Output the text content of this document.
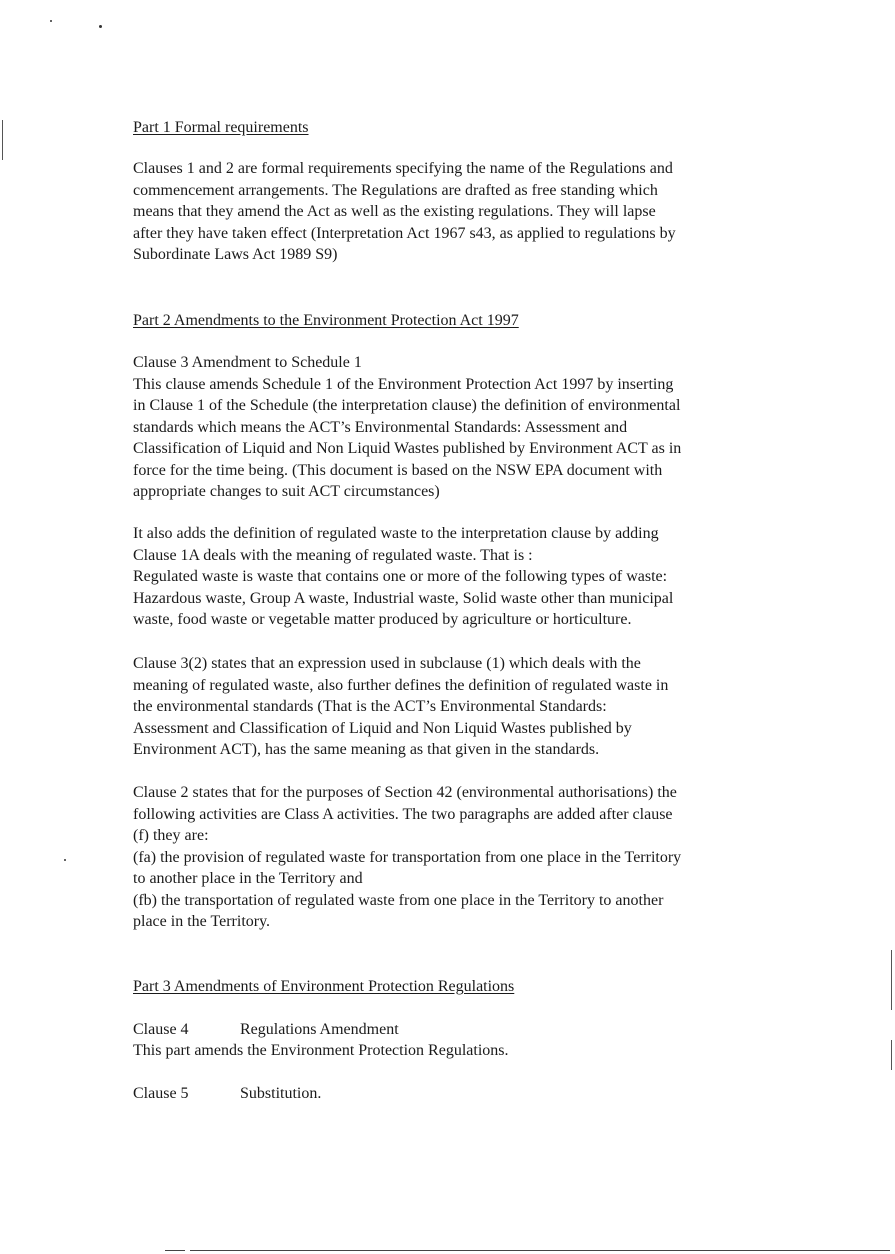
Part 1 Formal requirements
Clauses 1 and 2 are formal requirements specifying the name of the Regulations and
commencement arrangements. The Regulations are drafted as free standing which
means that they amend the Act as well as the existing regulations. They will lapse
after they have taken effect (Interpretation Act 1967 s43, as applied to regulations by
Subordinate Laws Act 1989 S9)
Part 2 Amendments to the Environment Protection Act 1997
Clause 3 Amendment to Schedule 1
This clause amends Schedule 1 of the Environment Protection Act 1997 by inserting
in Clause 1 of the Schedule (the interpretation clause) the definition of environmental
standards which means the ACT’s Environmental Standards: Assessment and
Classification of Liquid and Non Liquid Wastes published by Environment ACT as in
force for the time being. (This document is based on the NSW EPA document with
appropriate changes to suit ACT circumstances)
It also adds the definition of regulated waste to the interpretation clause by adding
Clause 1A deals with the meaning of regulated waste. That is :
Regulated waste is waste that contains one or more of the following types of waste:
Hazardous waste, Group A waste, Industrial waste, Solid waste other than municipal
waste, food waste or vegetable matter produced by agriculture or horticulture.
Clause 3(2) states that an expression used in subclause (1) which deals with the
meaning of regulated waste, also further defines the definition of regulated waste in
the environmental standards (That is the ACT’s Environmental Standards:
Assessment and Classification of Liquid and Non Liquid Wastes published by
Environment ACT), has the same meaning as that given in the standards.
Clause 2 states that for the purposes of Section 42 (environmental authorisations) the
following activities are Class A activities. The two paragraphs are added after clause
(f) they are:
(fa) the provision of regulated waste for transportation from one place in the Territory
to another place in the Territory and
(fb) the transportation of regulated waste from one place in the Territory to another
place in the Territory.
Part 3 Amendments of Environment Protection Regulations
Clause 4	Regulations Amendment
This part amends the Environment Protection Regulations.
Clause 5	Substitution.
